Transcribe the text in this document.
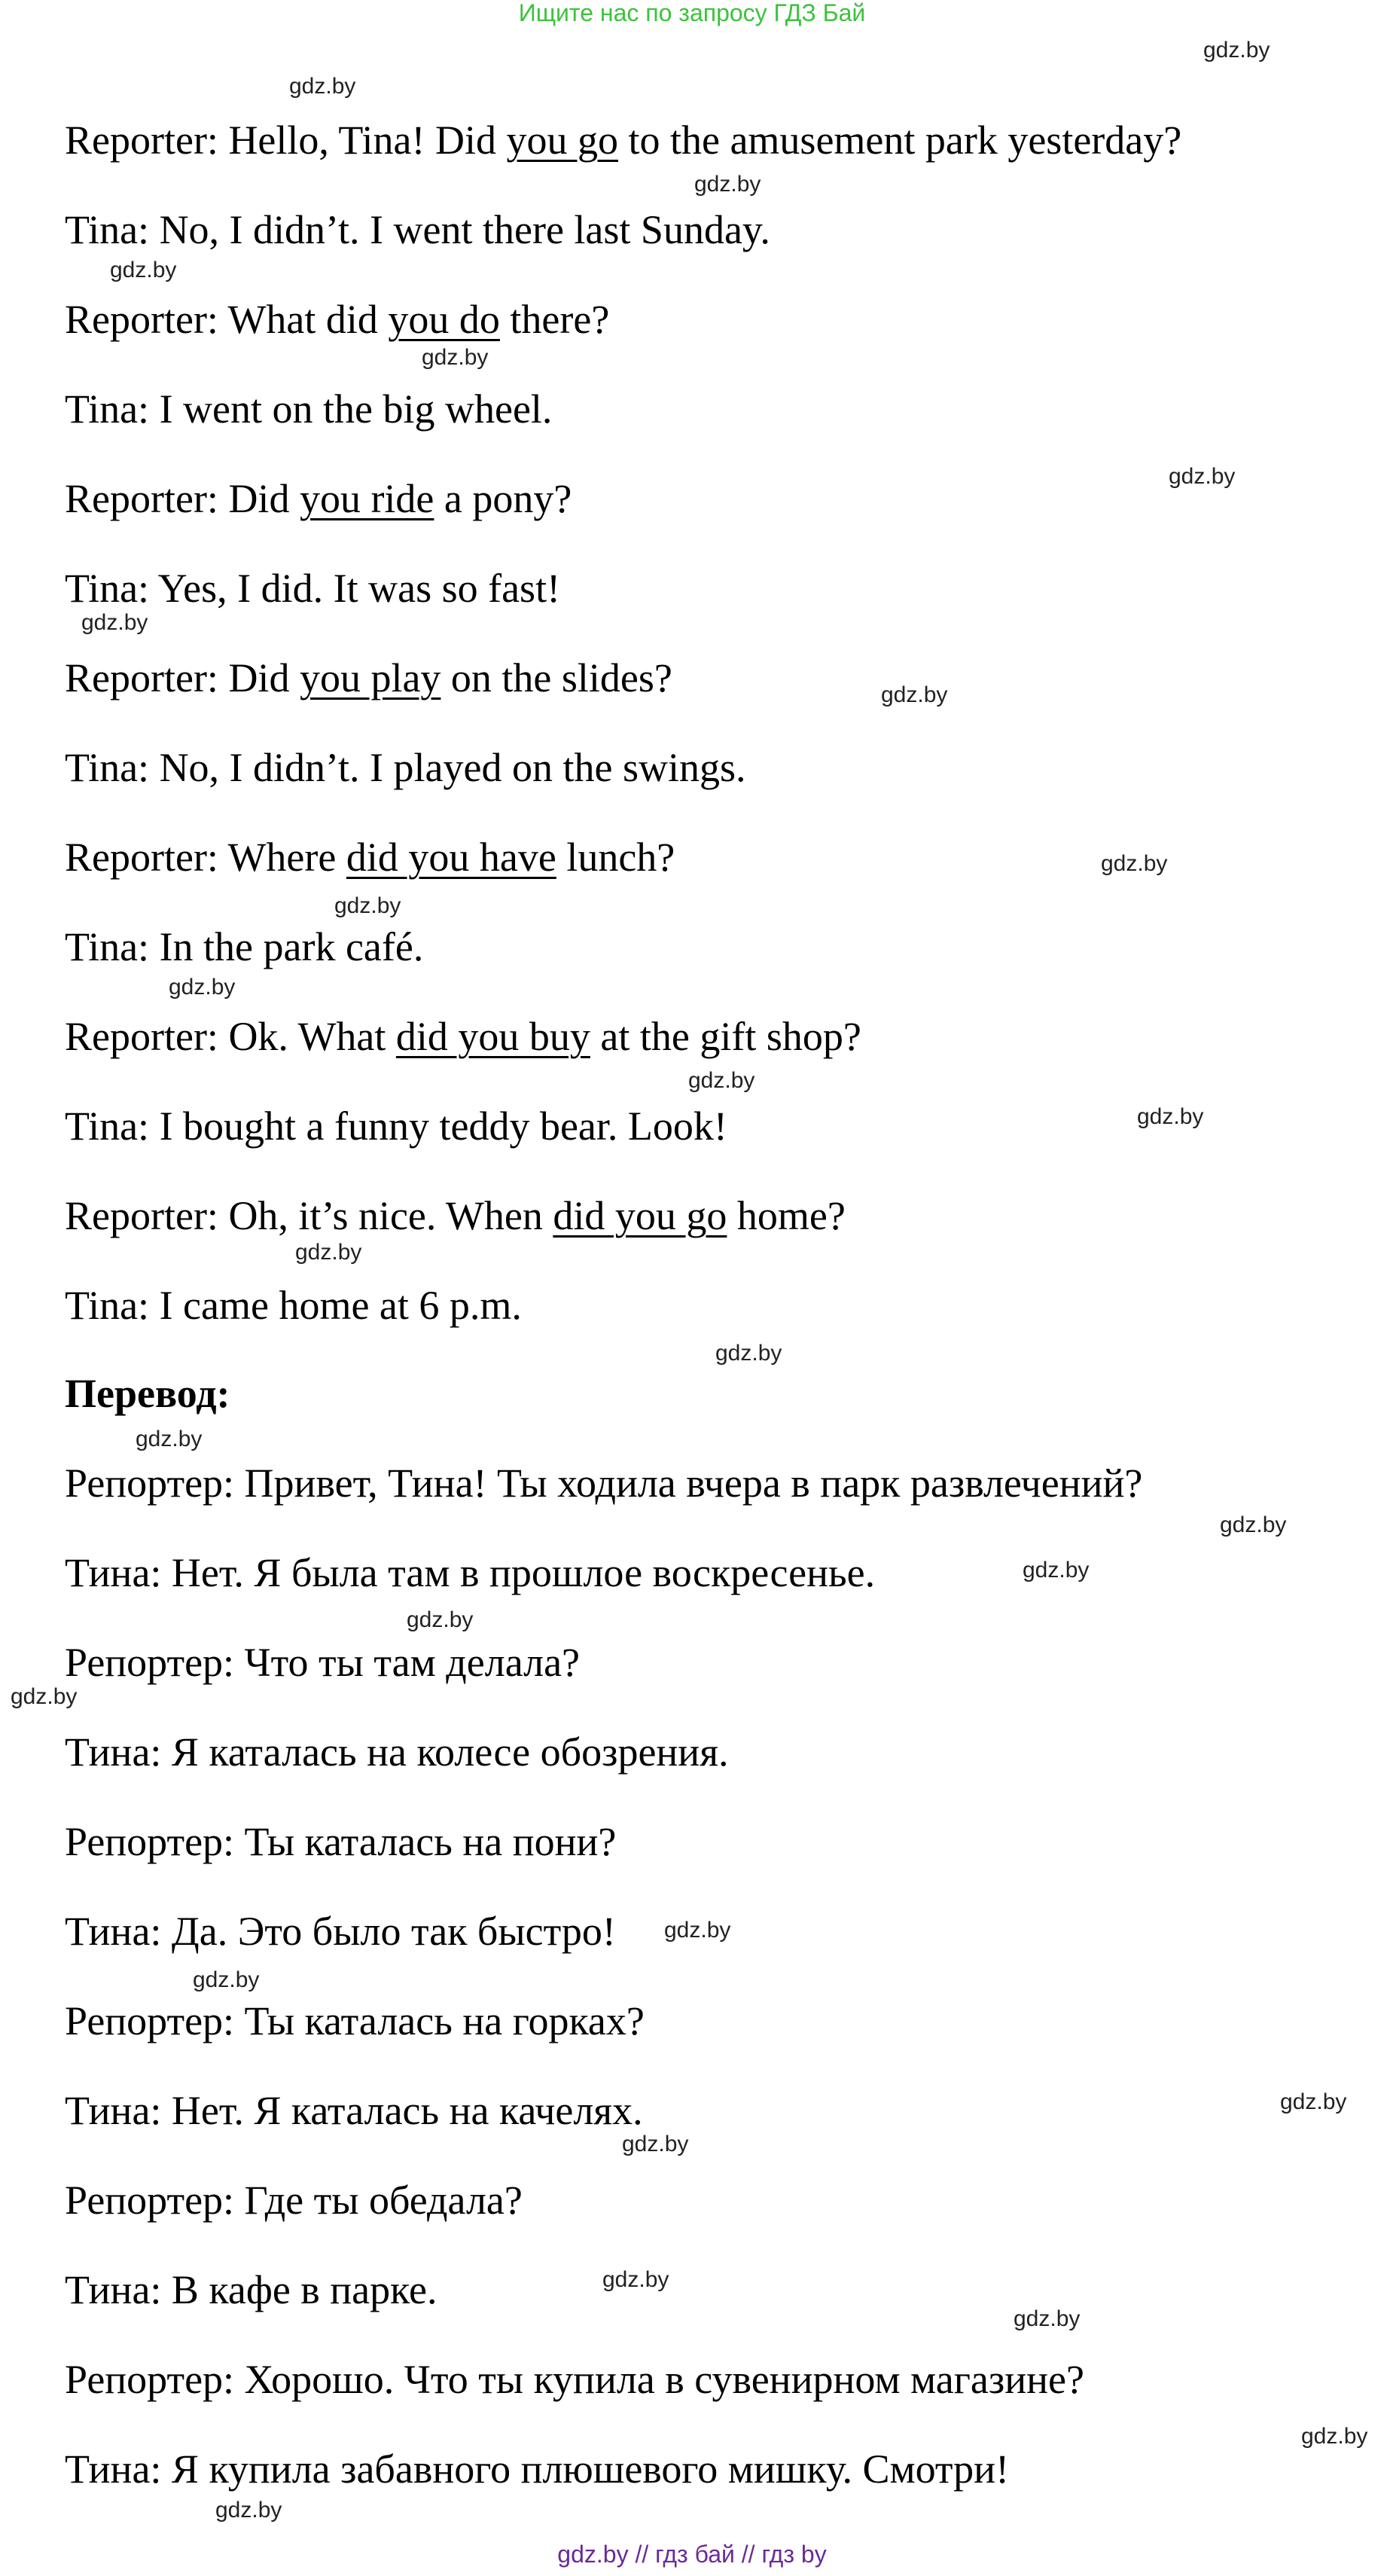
Ищите нас по запросу ГДЗ Бай
Reporter: Hello, Tina! Did you go to the amusement park yesterday?
Tina: No, I didn’t. I went there last Sunday.
Reporter: What did you do there?
Tina: I went on the big wheel.
Reporter: Did you ride a pony?
Tina: Yes, I did. It was so fast!
Reporter: Did you play on the slides?
Tina: No, I didn’t. I played on the swings.
Reporter: Where did you have lunch?
Tina: In the park café.
Reporter: Ok. What did you buy at the gift shop?
Tina: I bought a funny teddy bear. Look!
Reporter: Oh, it’s nice. When did you go home?
Tina: I came home at 6 p.m.
Перевод:
Репортер: Привет, Тина! Ты ходила вчера в парк развлечений?
Тина: Нет. Я была там в прошлое воскресенье.
Репортер: Что ты там делала?
Тина: Я каталась на колесе обозрения.
Репортер: Ты каталась на пони?
Тина: Да. Это было так быстро!
Репортер: Ты каталась на горках?
Тина: Нет. Я каталась на качелях.
Репортер: Где ты обедала?
Тина: В кафе в парке.
Репортер: Хорошо. Что ты купила в сувенирном магазине?
Тина: Я купила забавного плюшевого мишку. Смотри!
gdz.by
gdz.by
gdz.by
gdz.by
gdz.by
gdz.by
gdz.by
gdz.by
gdz.by
gdz.by
gdz.by
gdz.by
gdz.by
gdz.by
gdz.by
gdz.by
gdz.by
gdz.by
gdz.by
gdz.by
gdz.by
gdz.by
gdz.by
gdz.by
gdz.by
gdz.by
gdz.by
gdz.by
gdz.by // гдз бай // гдз by
